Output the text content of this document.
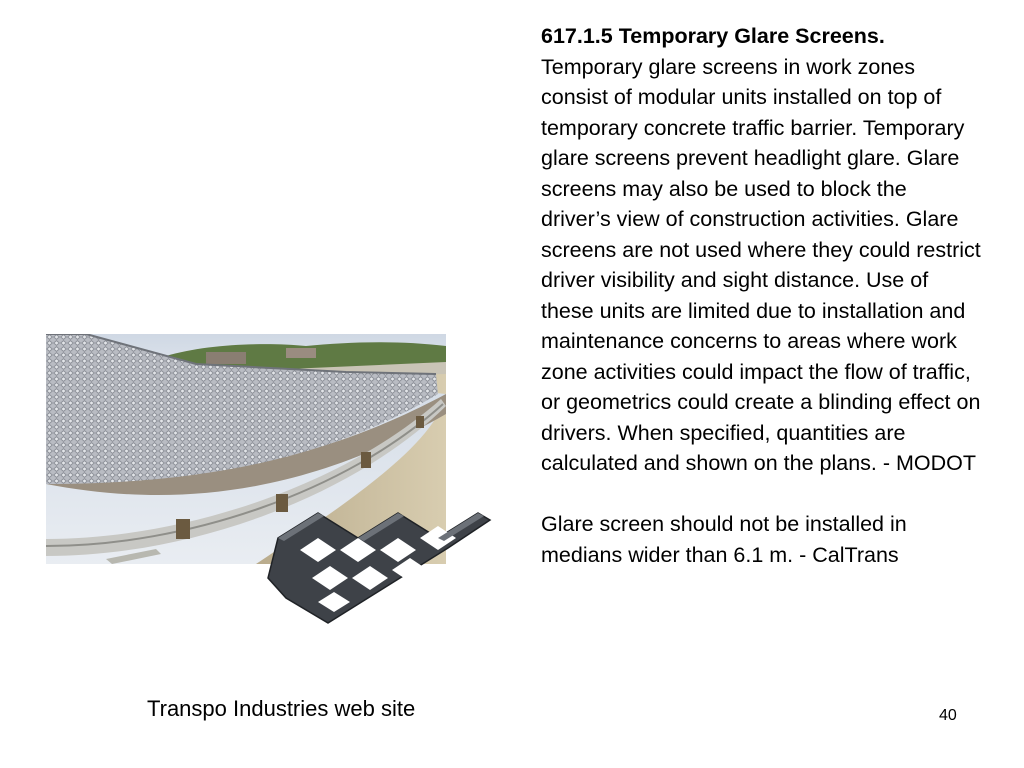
Transpo Industries web site

617.1.5 Temporary Glare Screens. Temporary glare screens in work zones consist of modular units installed on top of temporary concrete traffic barrier. Temporary glare screens prevent headlight glare. Glare screens may also be used to block the driver’s view of construction activities. Glare screens are not used where they could restrict driver visibility and sight distance. Use of these units are limited due to installation and maintenance concerns to areas where work zone activities could impact the flow of traffic, or geometrics could create a blinding effect on drivers. When specified, quantities are calculated and shown on the plans. - MODOT

Glare screen should not be installed in medians wider than 6.1 m. - CalTrans

40
